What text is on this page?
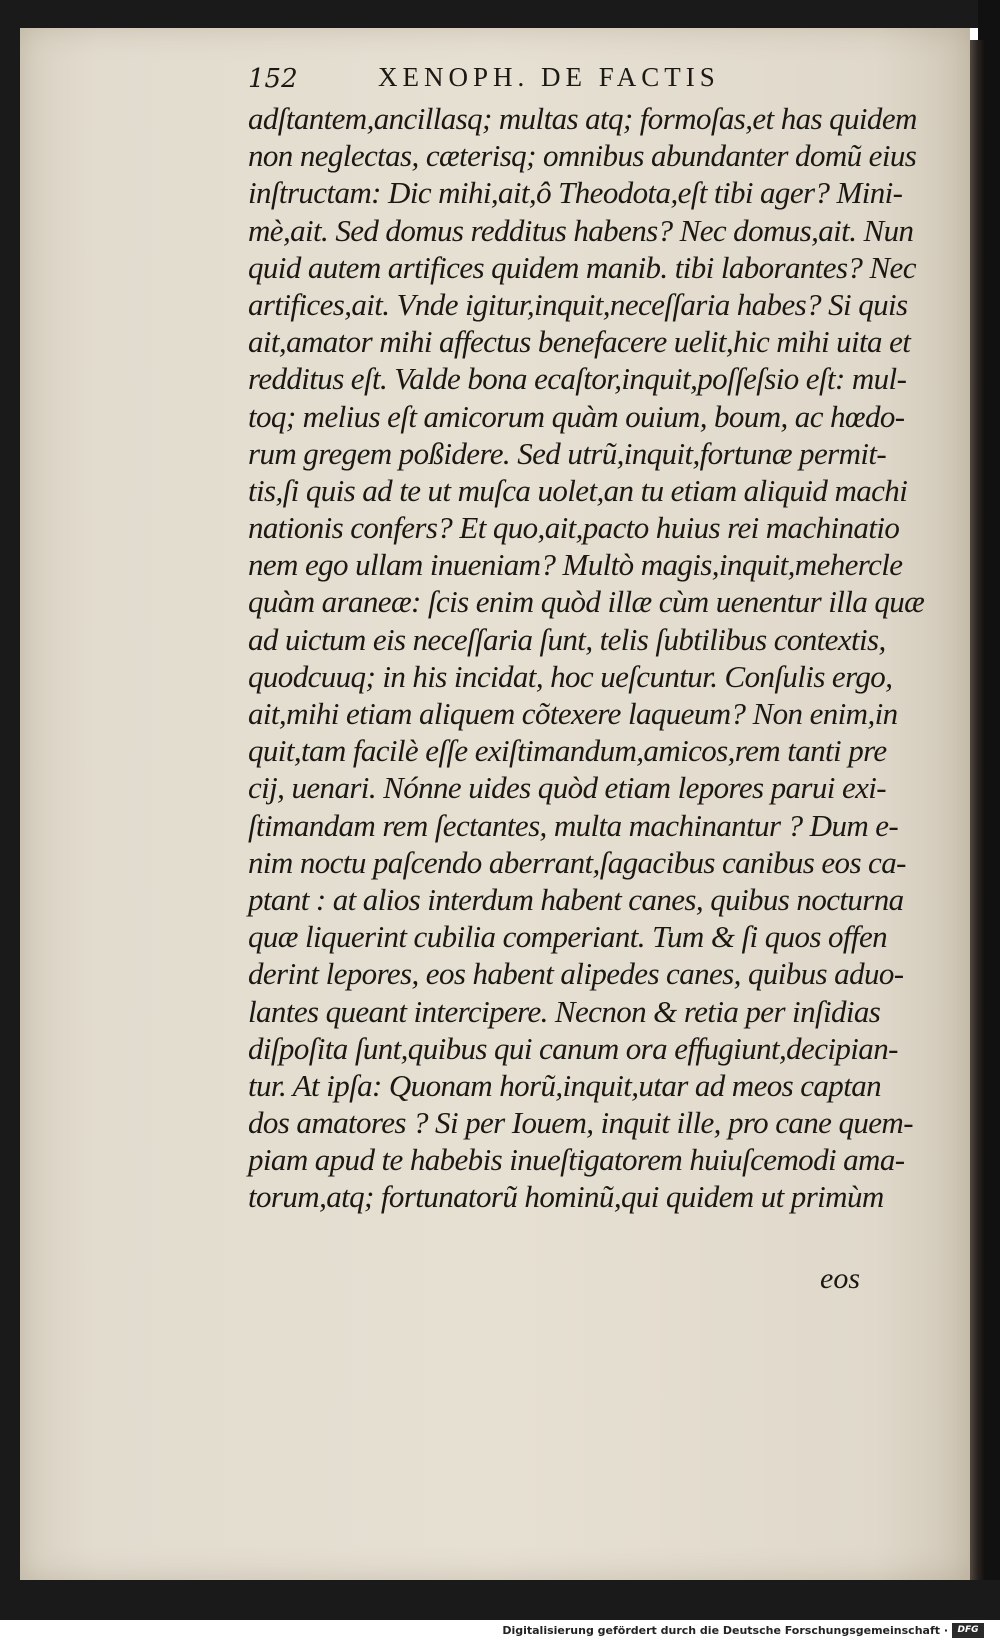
152	XENOPH. DE FACTIS
adſtantem,ancillasq; multas atq; formoſas,et has quidem
non neglectas, cæterisq; omnibus abundanter domũ eius
inſtructam: Dic mihi,ait,ô Theodota,eſt tibi ager? Mini-
mè,ait. Sed domus redditus habens? Nec domus,ait. Nun
quid autem artifices quidem manib. tibi laborantes? Nec
artifices,ait. Vnde igitur,inquit,neceſſaria habes? Si quis
ait,amator mihi affectus benefacere uelit,hic mihi uita et
redditus eſt. Valde bona ecaſtor,inquit,poſſeſsio eſt: mul-
toq; melius eſt amicorum quàm ouium, boum, ac hœdo-
rum gregem poßidere. Sed utrũ,inquit,fortunæ permit-
tis,ſi quis ad te ut muſca uolet,an tu etiam aliquid machi
nationis confers? Et quo,ait,pacto huius rei machinatio
nem ego ullam inueniam? Multò magis,inquit,mehercle
quàm araneæ: ſcis enim quòd illæ cùm uenentur illa quæ
ad uictum eis neceſſaria ſunt, telis ſubtilibus contextis,
quodcuuq; in his incidat, hoc ueſcuntur. Conſulis ergo,
ait,mihi etiam aliquem cõtexere laqueum? Non enim,in
quit,tam facilè eſſe exiſtimandum,amicos,rem tanti pre
cij, uenari. Nónne uides quòd etiam lepores parui exi-
ſtimandam rem ſectantes, multa machinantur ? Dum e-
nim noctu paſcendo aberrant,ſagacibus canibus eos ca-
ptant : at alios interdum habent canes, quibus nocturna
quæ liquerint cubilia comperiant. Tum & ſi quos offen
derint lepores, eos habent alipedes canes, quibus aduo-
lantes queant intercipere. Necnon & retia per inſidias
diſpoſita ſunt,quibus qui canum ora effugiunt,decipian-
tur. At ipſa: Quonam horũ,inquit,utar ad meos captan
dos amatores ? Si per Iouem, inquit ille, pro cane quem-
piam apud te habebis inueſtigatorem huiuſcemodi ama-
torum,atq; fortunatorũ hominũ,qui quidem ut primùm
eos
Digitalisierung gefördert durch die Deutsche Forschungsgemeinschaft ·	DFG
